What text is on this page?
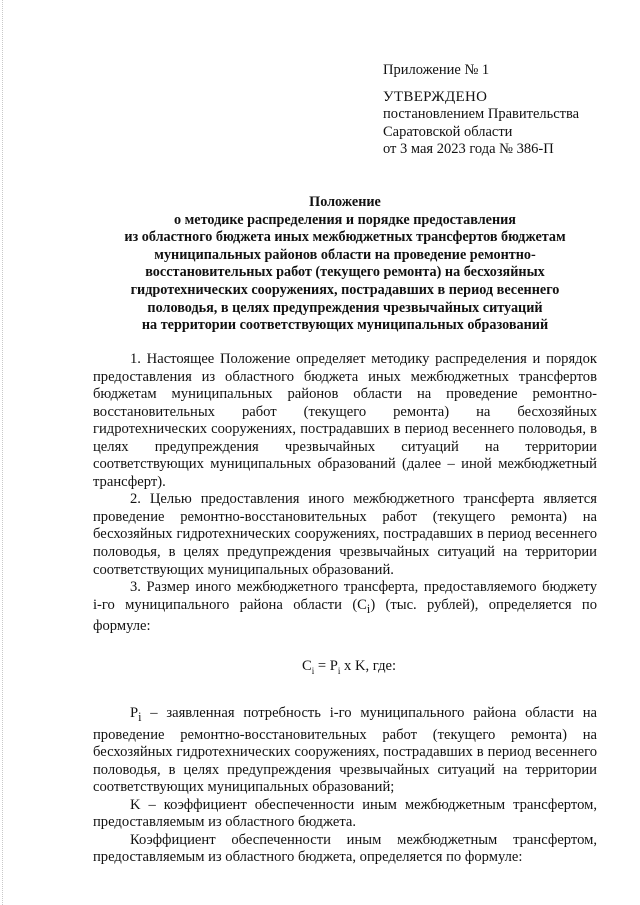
Приложение № 1
УТВЕРЖДЕНО
постановлением Правительства
Саратовской области
от 3 мая 2023 года № 386-П
Положение
о методике распределения и порядке предоставления
из областного бюджета иных межбюджетных трансфертов бюджетам
муниципальных районов области на проведение ремонтно-
восстановительных работ (текущего ремонта) на бесхозяйных
гидротехнических сооружениях, пострадавших в период весеннего
половодья, в целях предупреждения чрезвычайных ситуаций
на территории соответствующих муниципальных образований

1. Настоящее Положение определяет методику распределения и порядок предоставления из областного бюджета иных межбюджетных трансфертов бюджетам муниципальных районов области на проведение ремонтно-восстановительных работ (текущего ремонта) на бесхозяйных гидротехнических сооружениях, пострадавших в период весеннего половодья, в целях предупреждения чрезвычайных ситуаций на территории соответствующих муниципальных образований (далее – иной межбюджетный трансферт).

2. Целью предоставления иного межбюджетного трансферта является проведение ремонтно-восстановительных работ (текущего ремонта) на бесхозяйных гидротехнических сооружениях, пострадавших в период весеннего половодья, в целях предупреждения чрезвычайных ситуаций на территории соответствующих муниципальных образований.

3. Размер иного межбюджетного трансферта, предоставляемого бюджету i-го муниципального района области $(C_i)$ (тыс. рублей), определяется по формуле:

$C_i = P_i$ x K, где:

$P_i$ – заявленная потребность i-го муниципального района области на проведение ремонтно-восстановительных работ (текущего ремонта) на бесхозяйных гидротехнических сооружениях, пострадавших в период весеннего половодья, в целях предупреждения чрезвычайных ситуаций на территории соответствующих муниципальных образований;

K – коэффициент обеспеченности иным межбюджетным трансфертом, предоставляемым из областного бюджета.

Коэффициент обеспеченности иным межбюджетным трансфертом, предоставляемым из областного бюджета, определяется по формуле:
